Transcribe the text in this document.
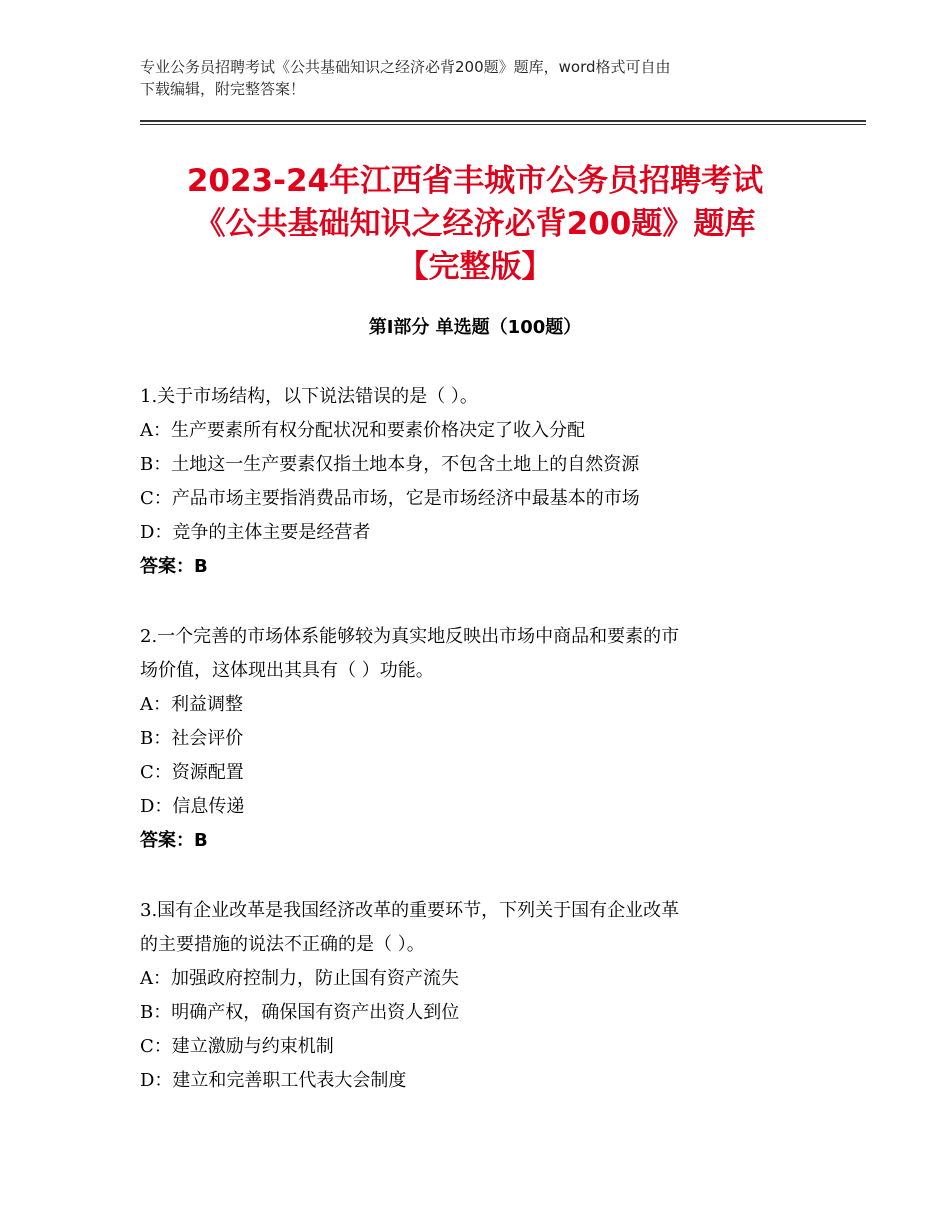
专业公务员招聘考试《公共基础知识之经济必背200题》题库，word格式可自由
下载编辑，附完整答案！
2023-24年江西省丰城市公务员招聘考试
《公共基础知识之经济必背200题》题库
【完整版】
第Ⅰ部分 单选题（100题）
1.关于市场结构，以下说法错误的是（ ）。
A：生产要素所有权分配状况和要素价格决定了收入分配
B：土地这一生产要素仅指土地本身，不包含土地上的自然资源
C：产品市场主要指消费品市场，它是市场经济中最基本的市场
D：竞争的主体主要是经营者
答案：B
2.一个完善的市场体系能够较为真实地反映出市场中商品和要素的市
场价值，这体现出其具有（ ）功能。
A：利益调整
B：社会评价
C：资源配置
D：信息传递
答案：B
3.国有企业改革是我国经济改革的重要环节，下列关于国有企业改革
的主要措施的说法不正确的是（ ）。
A：加强政府控制力，防止国有资产流失
B：明确产权，确保国有资产出资人到位
C：建立激励与约束机制
D：建立和完善职工代表大会制度
